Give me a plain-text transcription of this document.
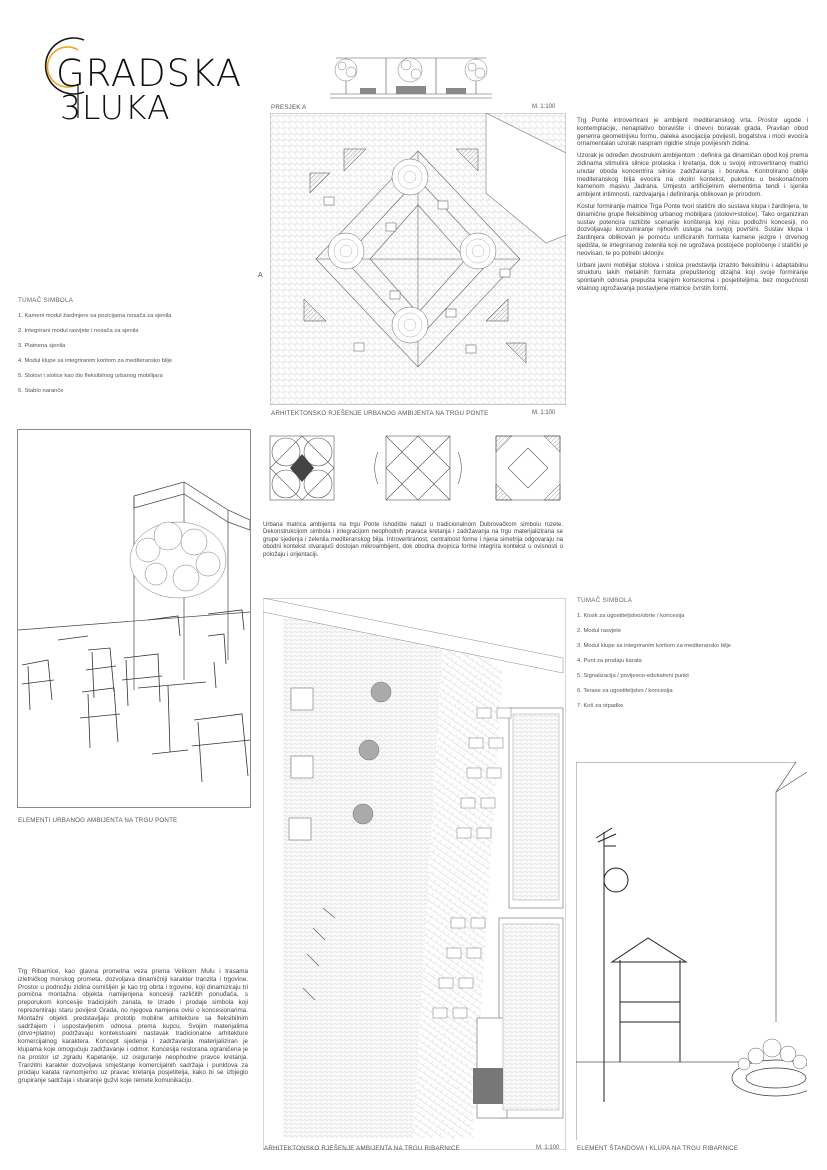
GRADSKA
3LUKA	PRESJEK A	M. 1:100
A
ARHITEKTONSKO RJEŠENJE URBANOG AMBIJENTA NA TRGU PONTE	M. 1:100

Trg Ponte introvertirani je ambijent mediteranskog vrta. Prostor ugode i kontemplacije, nenaplativo boravište i dnevni boravak grada. Pravilan obod generira geometrijsku formu, daleka asocijacija povijesti, bogatstva i moći evocira ornamentalan uzorak naspram rigidne struje povijesnih zidina.

Uzorak je određen dvostrukim ambijentom : definira ga dinamičan obod koji prema zidinama stimulira silnice prolaska i kretanja, dok u svojoj introvertiranoj matrici unutar oboda koncentrira silnice zadržavanja i boravka. Kontrolirano obilje mediteranskog bilja evocira na okolni kontekst, pukotinu u beskonačnom kamenom masivu Jadrana. Umjesto artificijelnim elementima tendi i sjenila ambijent intimnosti, razdvajanja i definiranja oblikovan je prirodom.

Kostur formiranje matrice Trga Ponte tvori statični dio sustava klupa i žardinjera, te dinamične grupe fleksibilnog urbanog mobilijara (stolovi+stolice). Tako organiziran sustav potencira različite scenarije korištenja koji nisu podložni koncesiji, no dozvoljavaju konzumiranje njihovih usluga na svojoj površini. Sustav klupa i žardinjera oblikovan je pomoću unificiranih formata kamene jezgre i drvenog sjedišta, te integriranog zelenila koji ne ugrožava postojeće popločenje i statički je neovisan, te po potrebi uklonjiv.

Urbani javni mobilijar stolova i stolica predstavlja izrazito fleksibilnu i adaptabilnu strukturu lakih metalnih formata prepuštenog dizajna koji svoje formiranje spontanih odnosa prepušta krajnjim korisnicima i posjetiteljima, bez mogućnosti vitalnog ugrožavanja postavljene matrice čvrstih formi.

TUMAČ SIMBOLA
1. Kameni modul žardinjere sa pozicijama nosača za sjenila
2. Integrirani modul rasvjete i nosača za sjenila
3. Platnena sjenila
4. Modul klupe sa integriranim koritom za mediteransko bilje
5. Stolovi i stolice kao dio fleksibilnog urbanog mobilijara
6. Stablo naranče

Urbana matrica ambijenta na trgu Ponte ishodište nalazi u tradicionalnom Dubrovačkom simbolu rozete. Dekonstrukcijom simbola i integracijom neophodnih pravaca kretanja i zadržavanja na trgu materijalizirana se grupe sjedenja i zelenila mediteranskog bilja. Introvertiranost, centralnost forme i njena simetrija odgovaraju na obodni kontekst stvarajući dostojan mikroambijent, dok obodna dvojnica forme integrira kontekst u ovisnosti o položaju i orijentaciji.

ELEMENTI URBANOG AMBIJENTA NA TRGU PONTE
ARHITEKTONSKO RJEŠENJE AMBIJENTA NA TRGU RIBARNICE	M. 1:100
TUMAČ SIMBOLA
1. Kiosk za ugostiteljstvo/obrte / koncesija
2. Modul rasvjete
3. Modul klupe sa integriranim koritom za mediteransko bilje
4. Punt za prodaju karata
5. Signalizacija / povijesno-edukativni punkt
6. Terase za ugostiteljstvo / koncesija
7. Koš za otpadke
ELEMENT ŠTANDOVA I KLUPA NA TRGU RIBARNICE

Trg Ribarnice, kao glavna prometna veza prema Velikom Mulu i trasama izletničkog morskog prometa, dozvoljava dinamičniji karakter tranzita i trgovine. Prostor u podnožju zidina osmišljen je kao trg obrta i trgovine, koji dinamiziraju tri pomična montažna objekta namijenjena koncesiji različitih ponuđača, s preporukom koncesije tradicijskih zanata, te izrade i prodaje simbola koji reprezentiraju staru povijest Grada, no njegova namjena ovisi o koncesionarima. Montažni objekti predstavljaju prototip mobilne arhitekture sa fleksibilnim sadržajem i uspostavljenim odnosa prema kupcu. Svojim materijalima (drvo+platno) podržavaju kontekstualni nastavak tradicionalne arhitekture komercijalnog karaktera. Koncept sjedenja i zadržavanja materijaliziran je klupama koje omogućuju zadržavanje i odmor. Koncesija restorana ograničena je na prostor uz zgradu Kapetanije, uz osiguranje neophodne pravce kretanja. Tranzitni karakter dozvoljava smještanje komercijalnih sadržaja i punktova za prodaju karata ravnomjerno uz pravac kretanja posjetitelja, kako bi se izbjeglo grupiranje sadržaja i stvaranje gužvi koje remete komunikaciju.
